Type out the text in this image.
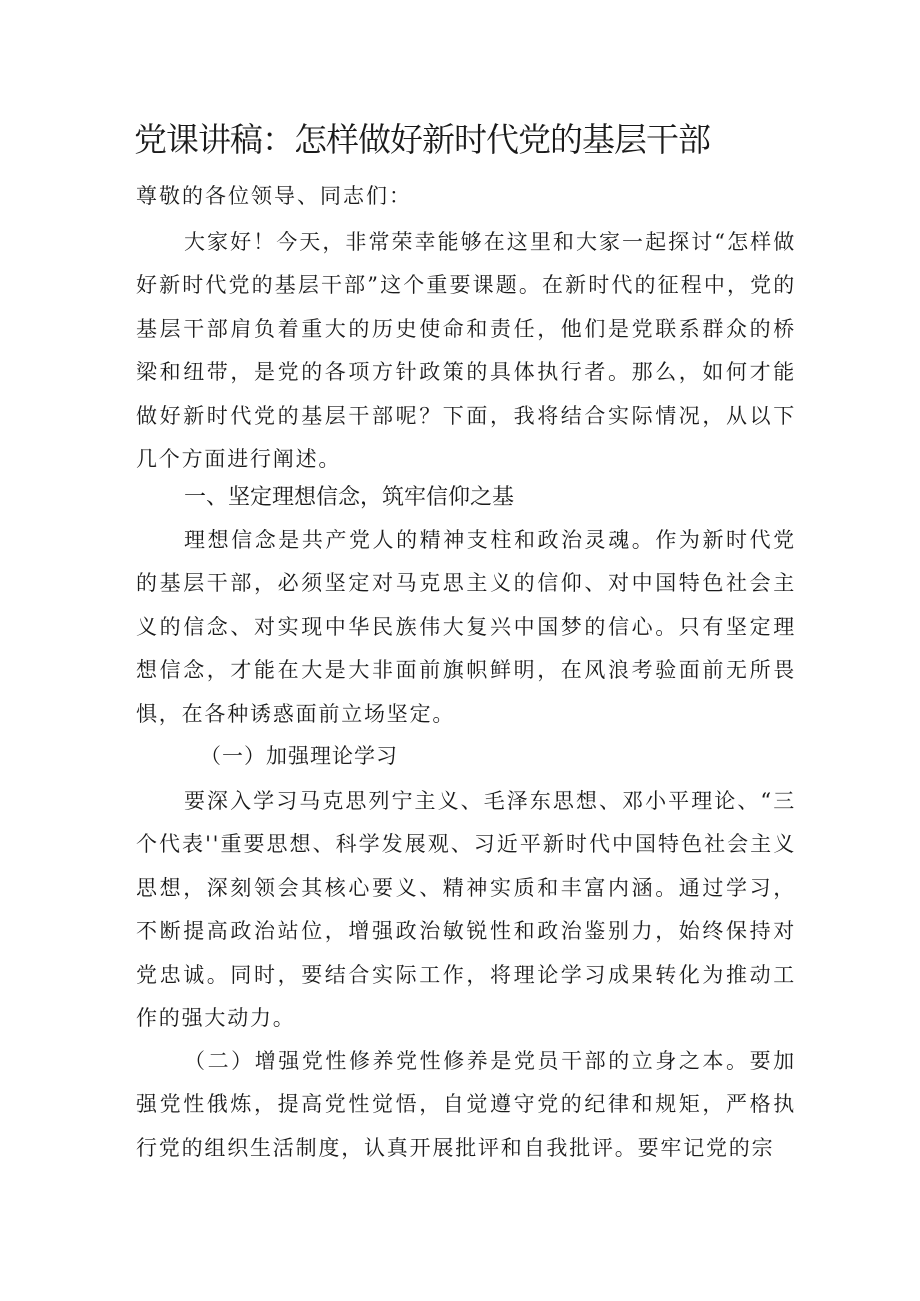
党课讲稿：怎样做好新时代党的基层干部

尊敬的各位领导、同志们：

大家好！今天，非常荣幸能够在这里和大家一起探讨“怎样做好新时代党的基层干部”这个重要课题。在新时代的征程中，党的基层干部肩负着重大的历史使命和责任，他们是党联系群众的桥梁和纽带，是党的各项方针政策的具体执行者。那么，如何才能做好新时代党的基层干部呢？下面，我将结合实际情况，从以下几个方面进行阐述。

一、坚定理想信念，筑牢信仰之基

理想信念是共产党人的精神支柱和政治灵魂。作为新时代党的基层干部，必须坚定对马克思主义的信仰、对中国特色社会主义的信念、对实现中华民族伟大复兴中国梦的信心。只有坚定理想信念，才能在大是大非面前旗帜鲜明，在风浪考验面前无所畏惧，在各种诱惑面前立场坚定。

（一）加强理论学习

要深入学习马克思列宁主义、毛泽东思想、邓小平理论、“三个代表''重要思想、科学发展观、习近平新时代中国特色社会主义思想，深刻领会其核心要义、精神实质和丰富内涵。通过学习，不断提高政治站位，增强政治敏锐性和政治鉴别力，始终保持对党忠诚。同时，要结合实际工作，将理论学习成果转化为推动工作的强大动力。

（二）增强党性修养党性修养是党员干部的立身之本。要加强党性俄炼，提高党性觉悟，自觉遵守党的纪律和规矩，严格执行党的组织生活制度，认真开展批评和自我批评。要牢记党的宗
